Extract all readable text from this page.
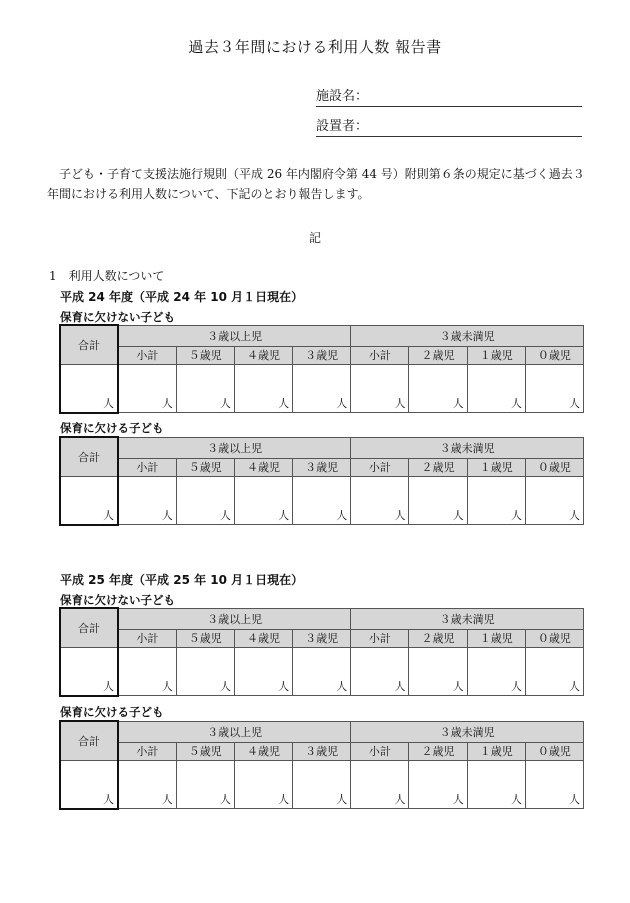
過去３年間における利用人数 報告書
施設名：
設置者：
子ども・子育て支援法施行規則（平成 26 年内閣府令第 44 号）附則第６条の規定に基づく過去３年間における利用人数について、下記のとおり報告します。
記
1　利用人数について
平成 24 年度（平成 24 年 10 月１日現在）
保育に欠けない子ども
合計	３歳以上児				３歳未満児			
	小計	５歳児	４歳児	３歳児	小計	２歳児	１歳児	０歳児
人	人	人	人	人	人	人	人	人
保育に欠ける子ども
合計	３歳以上児				３歳未満児			
	小計	５歳児	４歳児	３歳児	小計	２歳児	１歳児	０歳児
人	人	人	人	人	人	人	人	人
平成 25 年度（平成 25 年 10 月１日現在）
保育に欠けない子ども
合計	３歳以上児				３歳未満児			
	小計	５歳児	４歳児	３歳児	小計	２歳児	１歳児	０歳児
人	人	人	人	人	人	人	人	人
保育に欠ける子ども
合計	３歳以上児				３歳未満児			
	小計	５歳児	４歳児	３歳児	小計	２歳児	１歳児	０歳児
人	人	人	人	人	人	人	人	人
